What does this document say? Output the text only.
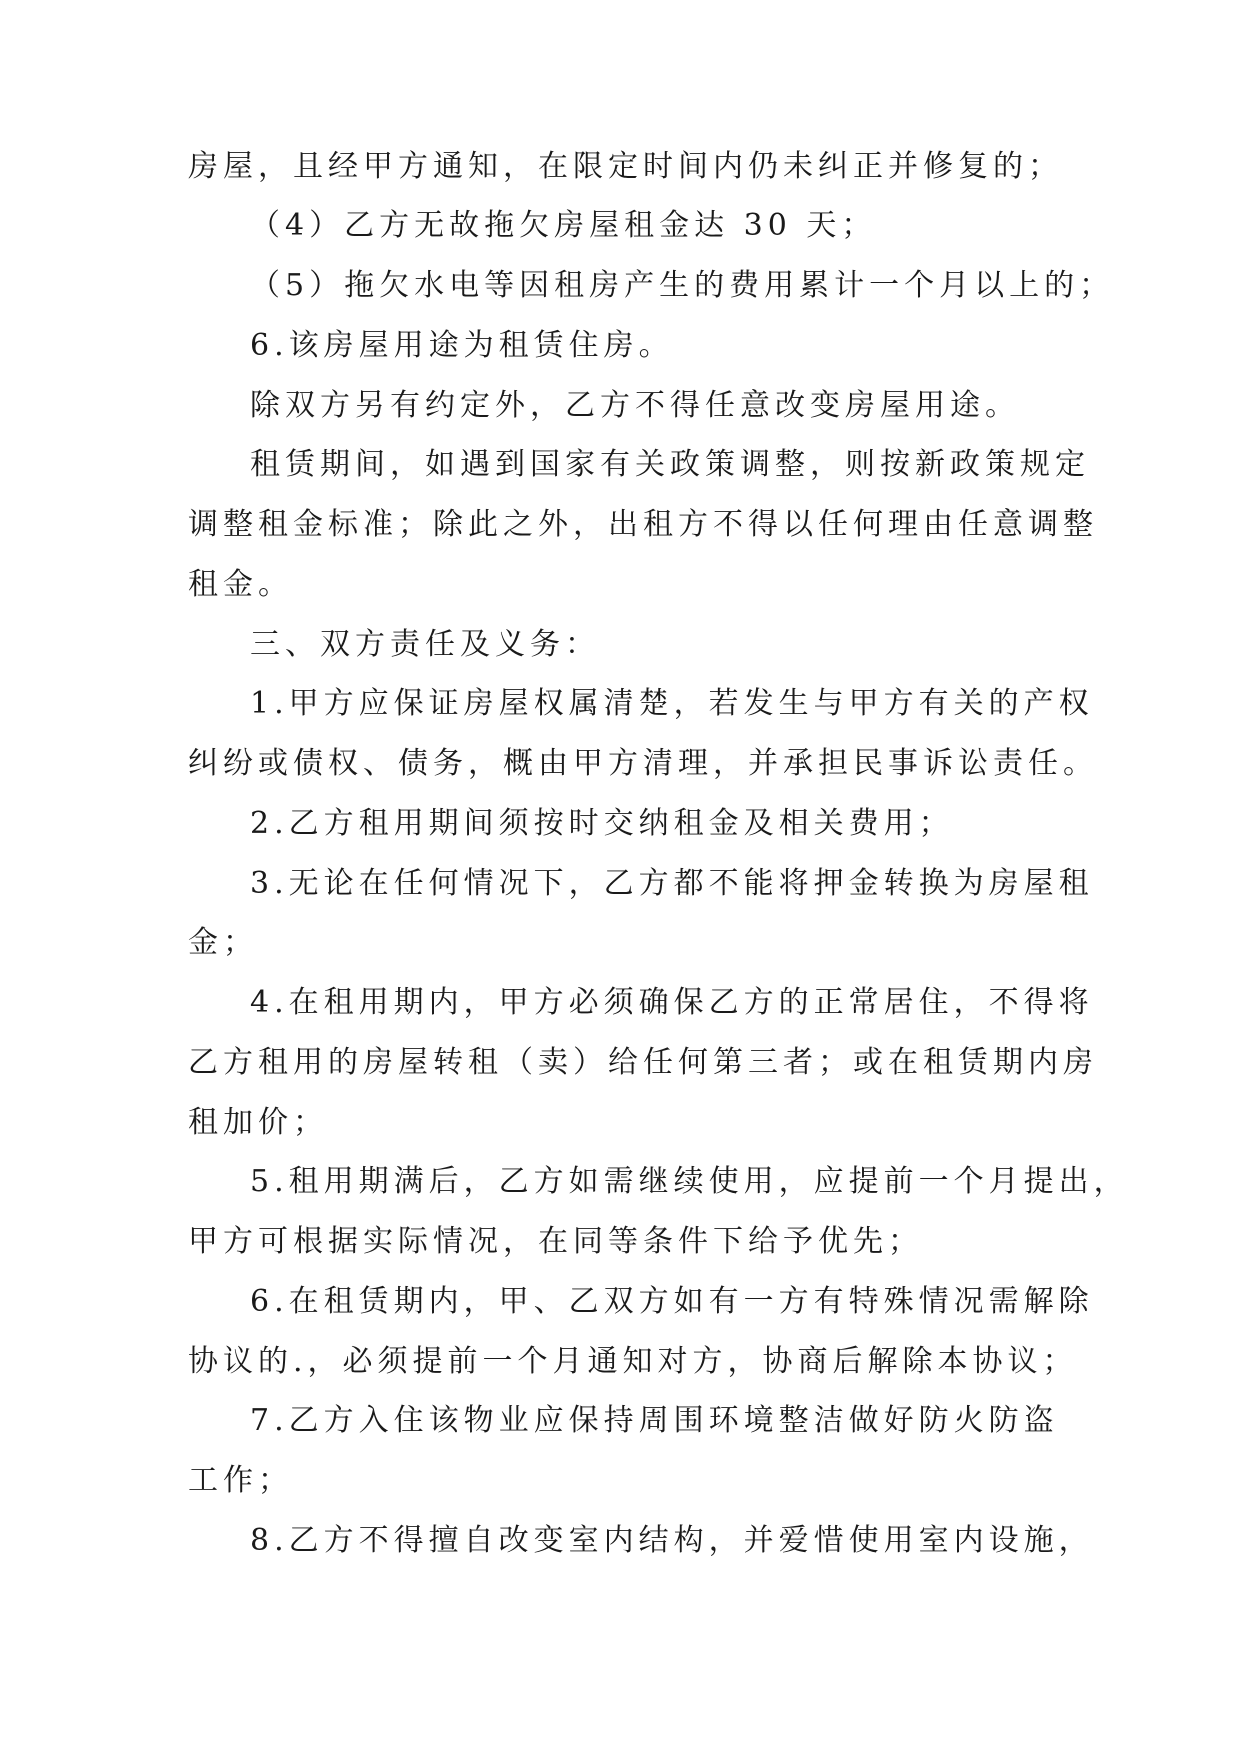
房屋，且经甲方通知，在限定时间内仍未纠正并修复的；
（4）乙方无故拖欠房屋租金达 30 天；
（5）拖欠水电等因租房产生的费用累计一个月以上的；
6.该房屋用途为租赁住房。
除双方另有约定外，乙方不得任意改变房屋用途。
租赁期间，如遇到国家有关政策调整，则按新政策规定
调整租金标准；除此之外，出租方不得以任何理由任意调整
租金。
三、双方责任及义务：
1.甲方应保证房屋权属清楚，若发生与甲方有关的产权
纠纷或债权、债务，概由甲方清理，并承担民事诉讼责任。
2.乙方租用期间须按时交纳租金及相关费用；
3.无论在任何情况下，乙方都不能将押金转换为房屋租
金；
4.在租用期内，甲方必须确保乙方的正常居住，不得将
乙方租用的房屋转租（卖）给任何第三者；或在租赁期内房
租加价；
5.租用期满后，乙方如需继续使用，应提前一个月提出，
甲方可根据实际情况，在同等条件下给予优先；
6.在租赁期内，甲、乙双方如有一方有特殊情况需解除
协议的.，必须提前一个月通知对方，协商后解除本协议；
7.乙方入住该物业应保持周围环境整洁做好防火防盗
工作；
8.乙方不得擅自改变室内结构，并爱惜使用室内设施，
